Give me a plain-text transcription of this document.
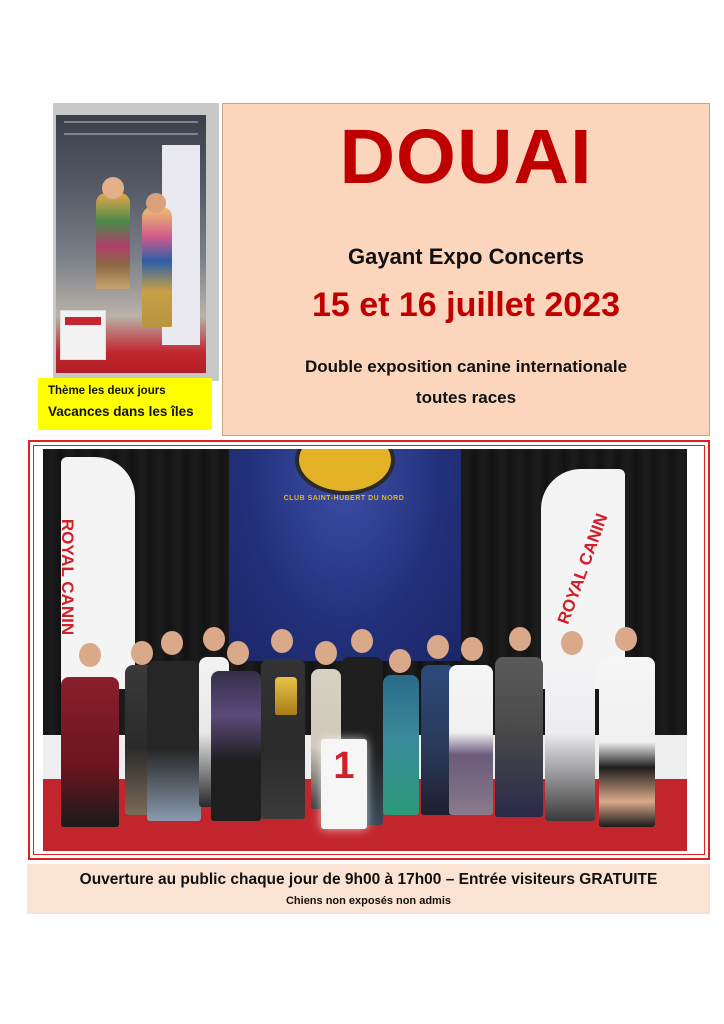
Thème les deux jours
Vacances dans les îles
DOUAI
Gayant Expo Concerts
15 et 16 juillet 2023
Double exposition canine internationale
toutes races
CLUB SAINT-HUBERT DU NORD
ROYAL CANIN	ROYAL CANIN
1
Ouverture au public chaque jour de 9h00 à 17h00 – Entrée visiteurs GRATUITE
Chiens non exposés non admis
